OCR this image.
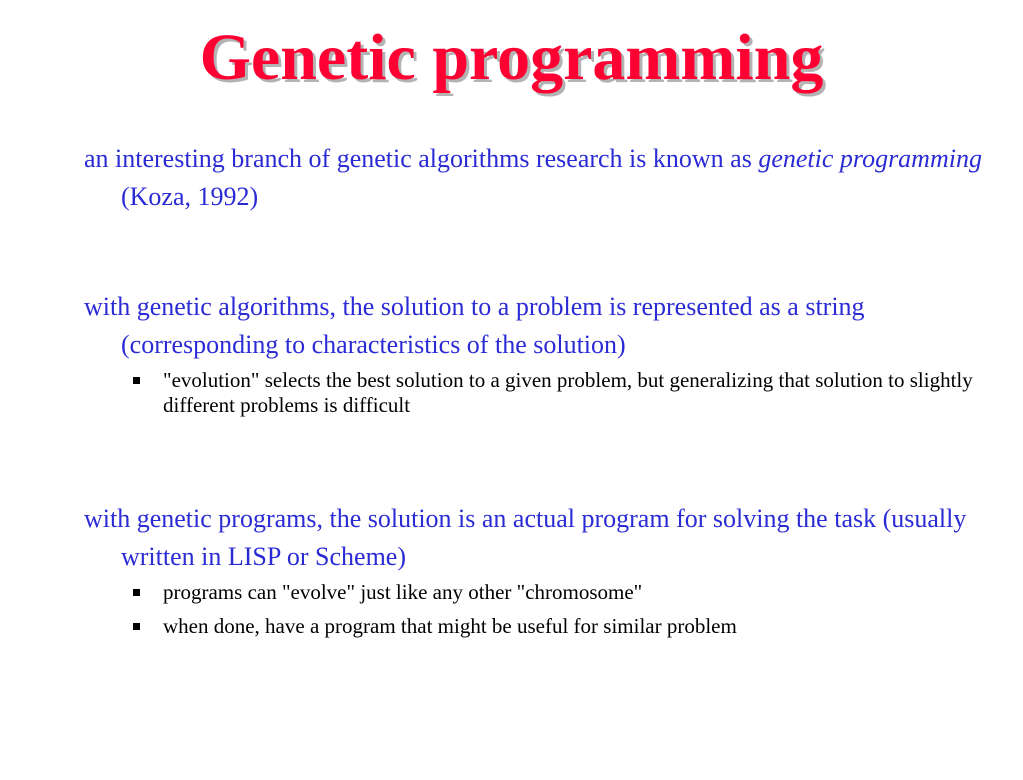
Genetic programming

an interesting branch of genetic algorithms research is known as genetic programming (Koza, 1992)

with genetic algorithms, the solution to a problem is represented as a string (corresponding to characteristics of the solution)

"evolution" selects the best solution to a given problem, but generalizing that solution to slightly different problems is difficult

with genetic programs, the solution is an actual program for solving the task (usually written in LISP or Scheme)

programs can "evolve" just like any other "chromosome"
when done, have a program that might be useful for similar problem
